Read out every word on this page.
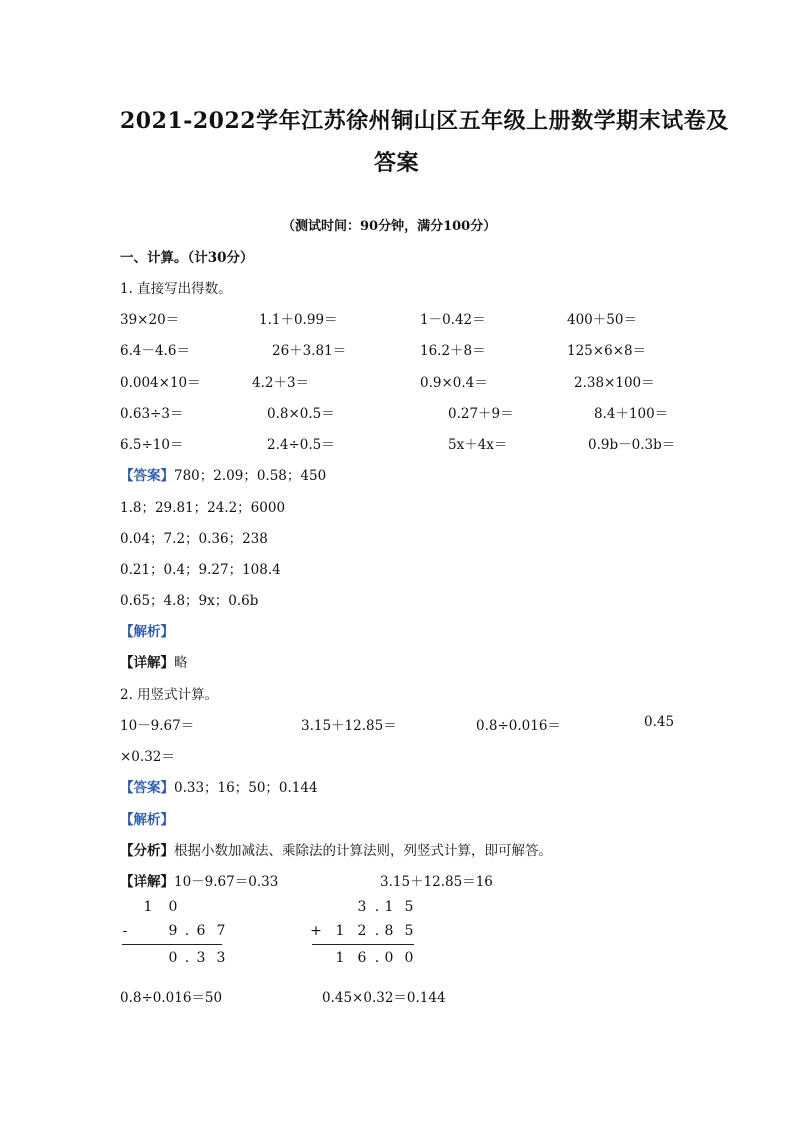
2021-2022学年江苏徐州铜山区五年级上册数学期末试卷及
答案
（测试时间：90分钟，满分100分）
一、计算。（计30分）
1. 直接写出得数。
39×20＝	1.1＋0.99＝	1－0.42＝	400＋50＝
6.4－4.6＝	26＋3.81＝	16.2＋8＝	125×6×8＝
0.004×10＝	4.2＋3＝	0.9×0.4＝	2.38×100＝
0.63÷3＝	0.8×0.5＝	0.27＋9＝	8.4＋100＝
6.5÷10＝	2.4÷0.5＝	5x＋4x＝	0.9b－0.3b＝
【答案】780；2.09；0.58；450
1.8；29.81；24.2；6000
0.04；7.2；0.36；238
0.21；0.4；9.27；108.4
0.65；4.8；9x；0.6b
【解析】
【详解】略
2. 用竖式计算。
10－9.67＝	3.15＋12.85＝	0.8÷0.016＝	0.45
×0.32＝
【答案】0.33；16；50；0.144
【解析】
【分析】根据小数加减法、乘除法的计算法则，列竖式计算，即可解答。
【详解】10－9.67＝0.33	3.15＋12.85＝16
1	0
-	9 . 6 7
0 . 3 3
3 . 1 5
+ 1 2 . 8 5
1 6 . 0 0
0.8÷0.016＝50	0.45×0.32＝0.144
